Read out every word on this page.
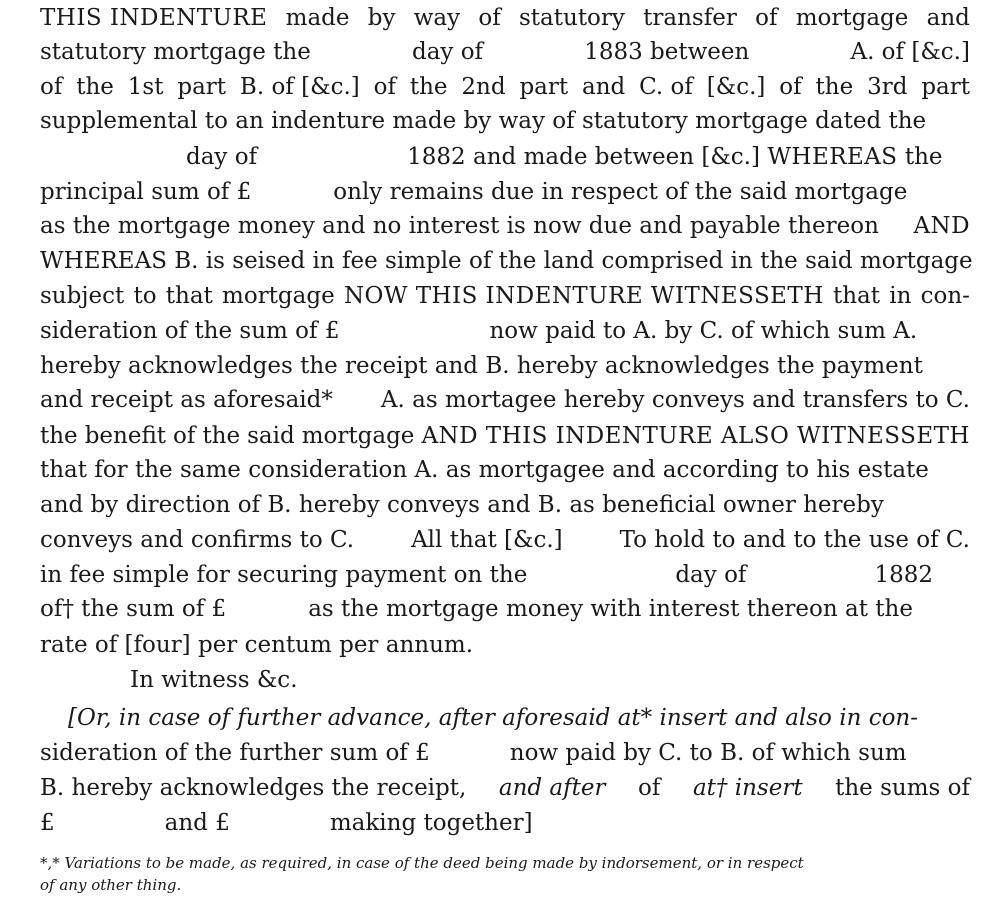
THIS INDENTURE made by way of statutory transfer of mortgage and
statutory mortgage the	day of	1883 between	A. of [&c.]
of the 1st part B. of [&c.] of the 2nd part and C. of [&c.] of the 3rd part
supplemental to an indenture made by way of statutory mortgage dated the
day of	1882 and made between [&c.] WHEREAS the
principal sum of £	only remains due in respect of the said mortgage
as the mortgage money and no interest is now due and payable thereon AND
WHEREAS B. is seised in fee simple of the land comprised in the said mortgage
subject to that mortgage NOW THIS INDENTURE WITNESSETH that in con-
sideration of the sum of £	now paid to A. by C. of which sum A.
hereby acknowledges the receipt and B. hereby acknowledges the payment
and receipt as aforesaid* A. as mortagee hereby conveys and transfers to C.
the benefit of the said mortgage AND THIS INDENTURE ALSO WITNESSETH
that for the same consideration A. as mortgagee and according to his estate
and by direction of B. hereby conveys and B. as beneficial owner hereby
conveys and confirms to C. All that [&c.] To hold to and to the use of C.
in fee simple for securing payment on the	day of	1882
of† the sum of £	as the mortgage money with interest thereon at the
rate of [four] per centum per annum.
In witness &c.
[Or, in case of further advance, after aforesaid at* insert and also in con-
sideration of the further sum of £	now paid by C. to B. of which sum
B. hereby acknowledges the receipt, and after of at† insert the sums of
£	and £	making together]
*,* Variations to be made, as required, in case of the deed being made by indorsement, or in respect
of any other thing.
